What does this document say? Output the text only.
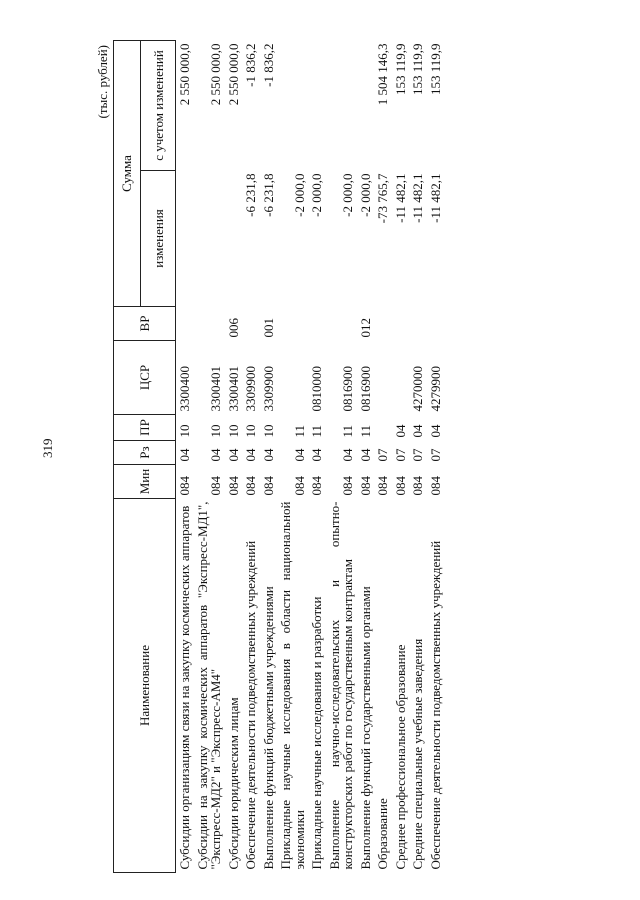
319
(тыс. рублей)
Наименование	Мин	Рз	ПР	ЦСР	ВР	Сумма	
						изменения	с учетом изменений
Субсидии организациям связи на закупку космических аппаратов	084	04	10	3300400			2 550 000,0
Субсидии на закупку космических аппаратов "Экспресс-МД1", "Экспресс-МД2" и "Экспресс-АМ4"	084	04	10	3300401			2 550 000,0
Субсидии юридическим лицам	084	04	10	3300401	006		2 550 000,0
Обеспечение деятельности подведомственных учреждений	084	04	10	3309900		-6 231,8	-1 836,2
Выполнение функций бюджетными учреждениями	084	04	10	3309900	001	-6 231,8	-1 836,2
Прикладные научные исследования в области национальной экономики	084	04	11			-2 000,0	
Прикладные научные исследования и разработки	084	04	11	0810000		-2 000,0	
Выполнение научно-исследовательских и опытно-конструкторских работ по государственным контрактам	084	04	11	0816900		-2 000,0	
Выполнение функций государственными органами	084	04	11	0816900	012	-2 000,0	
Образование	084	07				-73 765,7	1 504 146,3
Среднее профессиональное образование	084	07	04			-11 482,1	153 119,9
Средние специальные учебные заведения	084	07	04	4270000		-11 482,1	153 119,9
Обеспечение деятельности подведомственных учреждений	084	07	04	4279900		-11 482,1	153 119,9
